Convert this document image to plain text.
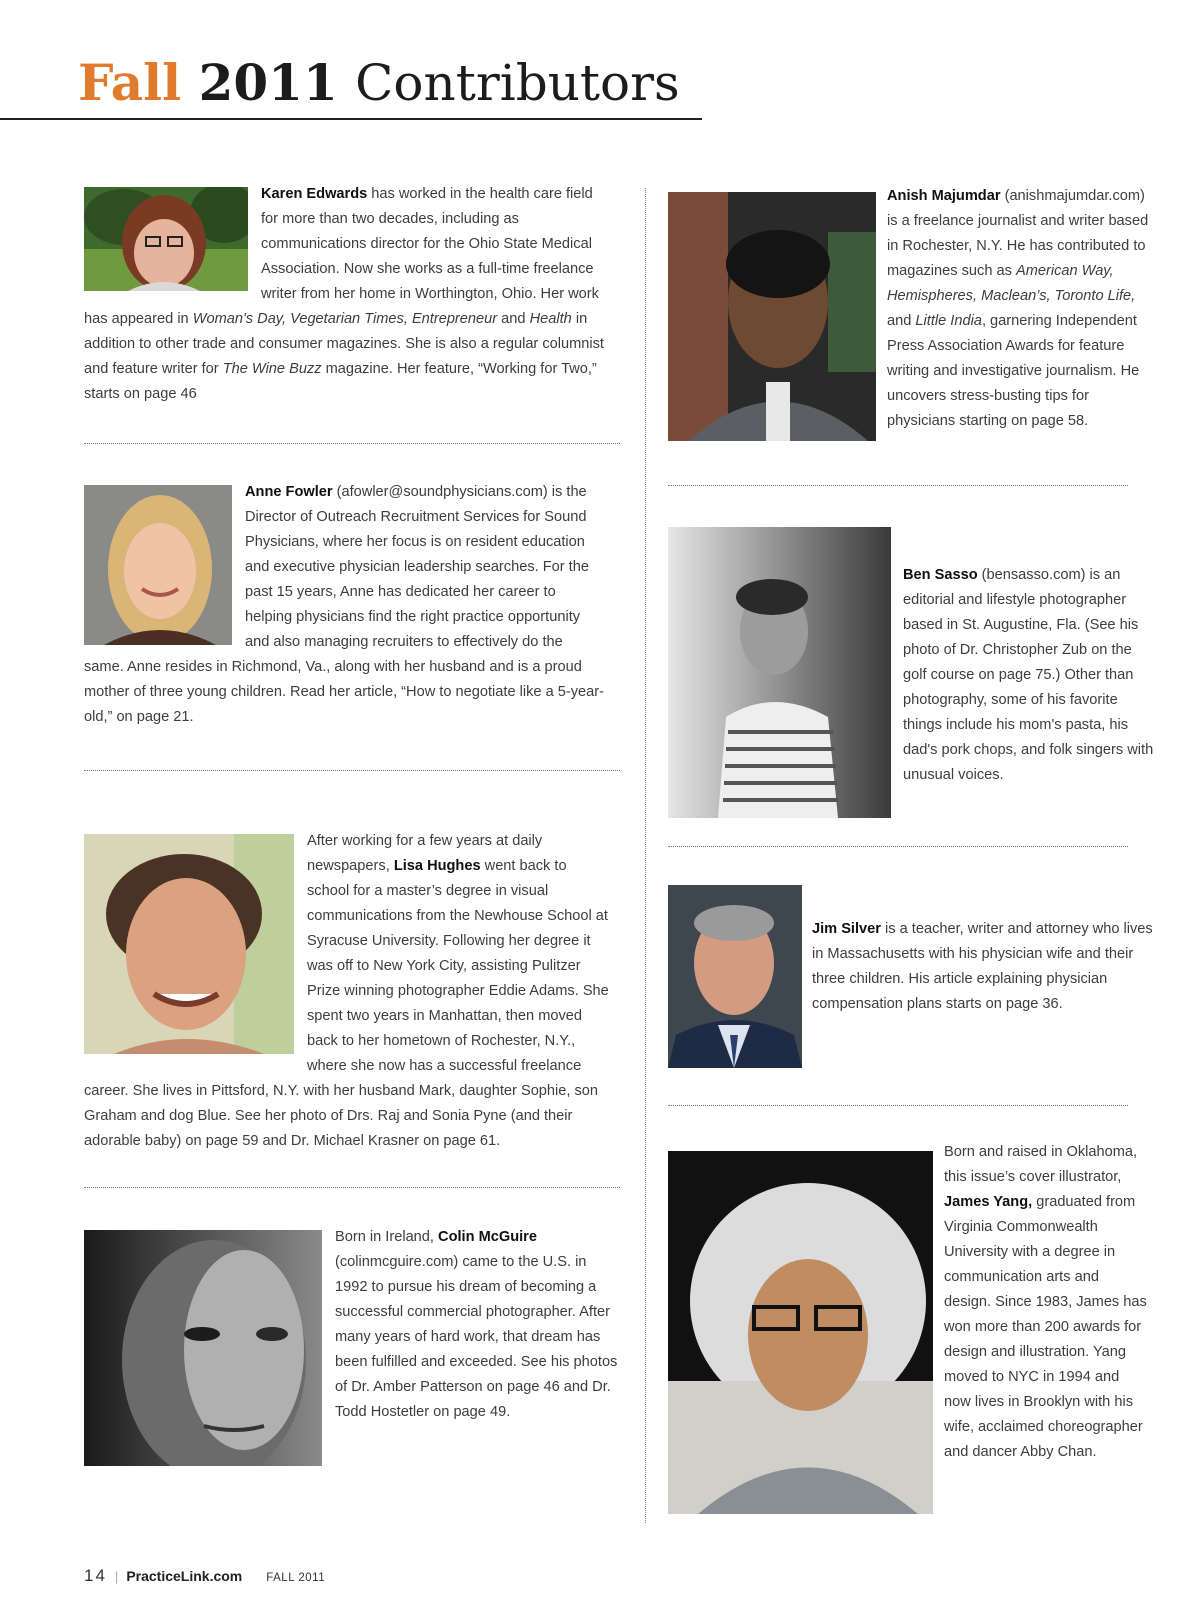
Fall 2011 Contributors

Karen Edwards has worked in the health care field for more than two decades, including as communications director for the Ohio State Medical Association. Now she works as a full-time freelance writer from her home in Worthington, Ohio. Her work has appeared in Woman's Day, Vegetarian Times, Entrepreneur and Health in addition to other trade and consumer magazines. She is also a regular columnist and feature writer for The Wine Buzz magazine. Her feature, “Working for Two,” starts on page 46

Anne Fowler (afowler@soundphysicians.com) is the Director of Outreach Recruitment Services for Sound Physicians, where her focus is on resident education and executive physician leadership searches. For the past 15 years, Anne has dedicated her career to helping physicians find the right practice opportunity and also managing recruiters to effectively do the same. Anne resides in Richmond, Va., along with her husband and is a proud mother of three young children. Read her article, “How to negotiate like a 5-year-old,” on page 21.

After working for a few years at daily newspapers, Lisa Hughes went back to school for a master’s degree in visual communications from the Newhouse School at Syracuse University. Following her degree it was off to New York City, assisting Pulitzer Prize winning photographer Eddie Adams. She spent two years in Manhattan, then moved back to her hometown of Rochester, N.Y., where she now has a successful freelance career. She lives in Pittsford, N.Y. with her husband Mark, daughter Sophie, son Graham and dog Blue. See her photo of Drs. Raj and Sonia Pyne (and their adorable baby) on page 59 and Dr. Michael Krasner on page 61.

Born in Ireland, Colin McGuire (colinmcguire.com) came to the U.S. in 1992 to pursue his dream of becoming a successful commercial photographer. After many years of hard work, that dream has been fulfilled and exceeded. See his photos of Dr. Amber Patterson on page 46 and Dr. Todd Hostetler on page 49.

Anish Majumdar (anishmajumdar.com) is a freelance journalist and writer based in Rochester, N.Y. He has contributed to magazines such as American Way, Hemispheres, Maclean’s, Toronto Life, and Little India, garnering Independent Press Association Awards for feature writing and investigative journalism. He uncovers stress-busting tips for physicians starting on page 58.

Ben Sasso (bensasso.com) is an editorial and lifestyle photographer based in St. Augustine, Fla. (See his photo of Dr. Christopher Zub on the golf course on page 75.) Other than photography, some of his favorite things include his mom's pasta, his dad's pork chops, and folk singers with unusual voices.

Jim Silver is a teacher, writer and attorney who lives in Massachusetts with his physician wife and their three children. His article explaining physician compensation plans starts on page 36.

Born and raised in Oklahoma, this issue’s cover illustrator, James Yang, graduated from Virginia Commonwealth University with a degree in communication arts and design. Since 1983, James has won more than 200 awards for design and illustration. Yang moved to NYC in 1994 and now lives in Brooklyn with his wife, acclaimed choreographer and dancer Abby Chan.

14 | PracticeLink.com FALL 2011
